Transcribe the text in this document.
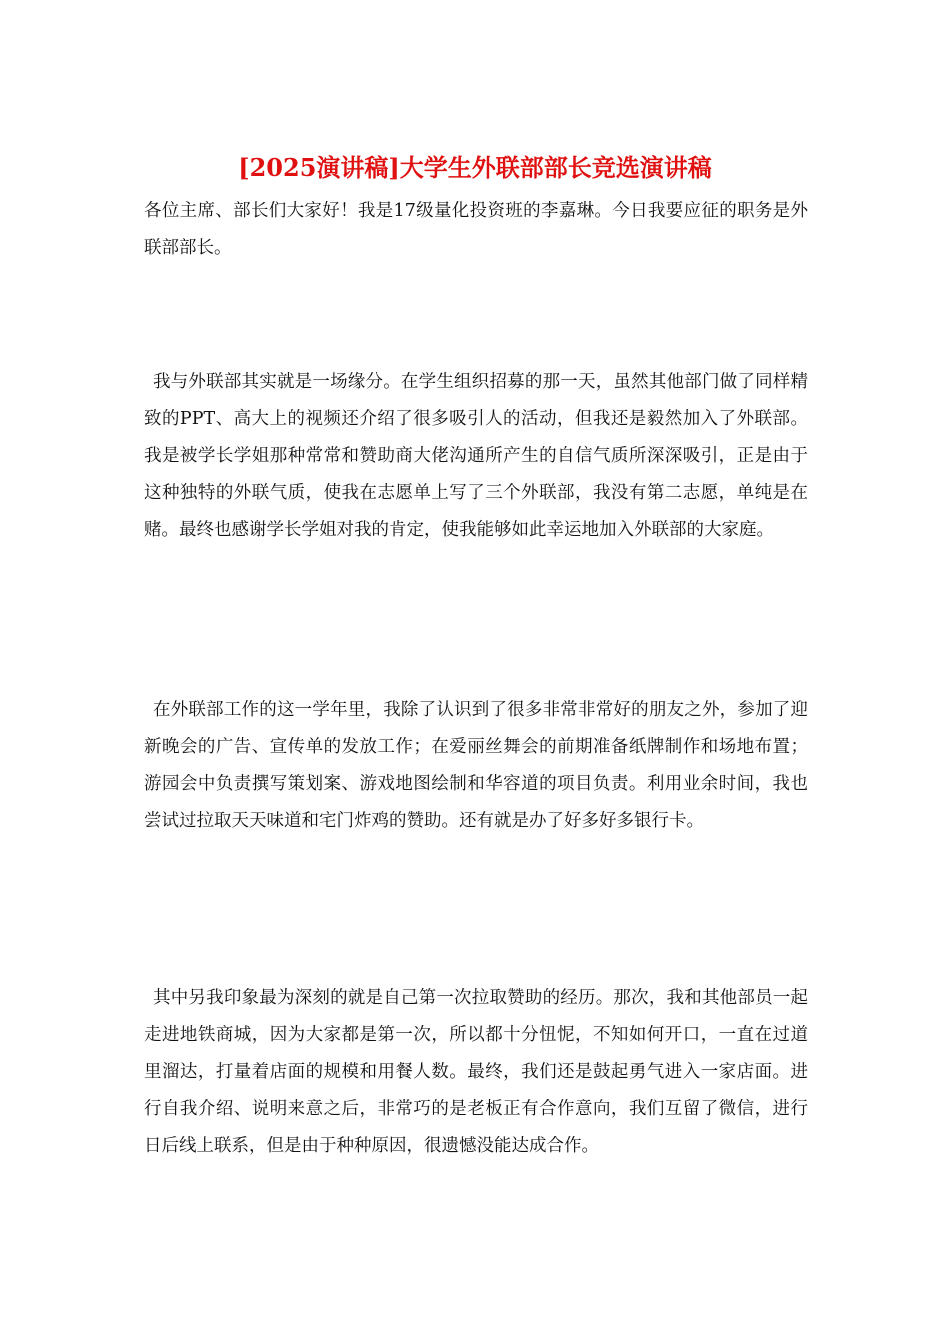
[2025演讲稿]大学生外联部部长竞选演讲稿

各位主席、部长们大家好！我是17级量化投资班的李嘉琳。今日我要应征的职务是外联部部长。

我与外联部其实就是一场缘分。在学生组织招募的那一天，虽然其他部门做了同样精致的PPT、高大上的视频还介绍了很多吸引人的活动，但我还是毅然加入了外联部。我是被学长学姐那种常常和赞助商大佬沟通所产生的自信气质所深深吸引，正是由于这种独特的外联气质，使我在志愿单上写了三个外联部，我没有第二志愿，单纯是在赌。最终也感谢学长学姐对我的肯定，使我能够如此幸运地加入外联部的大家庭。

在外联部工作的这一学年里，我除了认识到了很多非常非常好的朋友之外，参加了迎新晚会的广告、宣传单的发放工作；在爱丽丝舞会的前期准备纸牌制作和场地布置；游园会中负责撰写策划案、游戏地图绘制和华容道的项目负责。利用业余时间，我也尝试过拉取天天味道和宅门炸鸡的赞助。还有就是办了好多好多银行卡。

其中另我印象最为深刻的就是自己第一次拉取赞助的经历。那次，我和其他部员一起走进地铁商城，因为大家都是第一次，所以都十分忸怩，不知如何开口，一直在过道里溜达，打量着店面的规模和用餐人数。最终，我们还是鼓起勇气进入一家店面。进行自我介绍、说明来意之后，非常巧的是老板正有合作意向，我们互留了微信，进行日后线上联系，但是由于种种原因，很遗憾没能达成合作。
